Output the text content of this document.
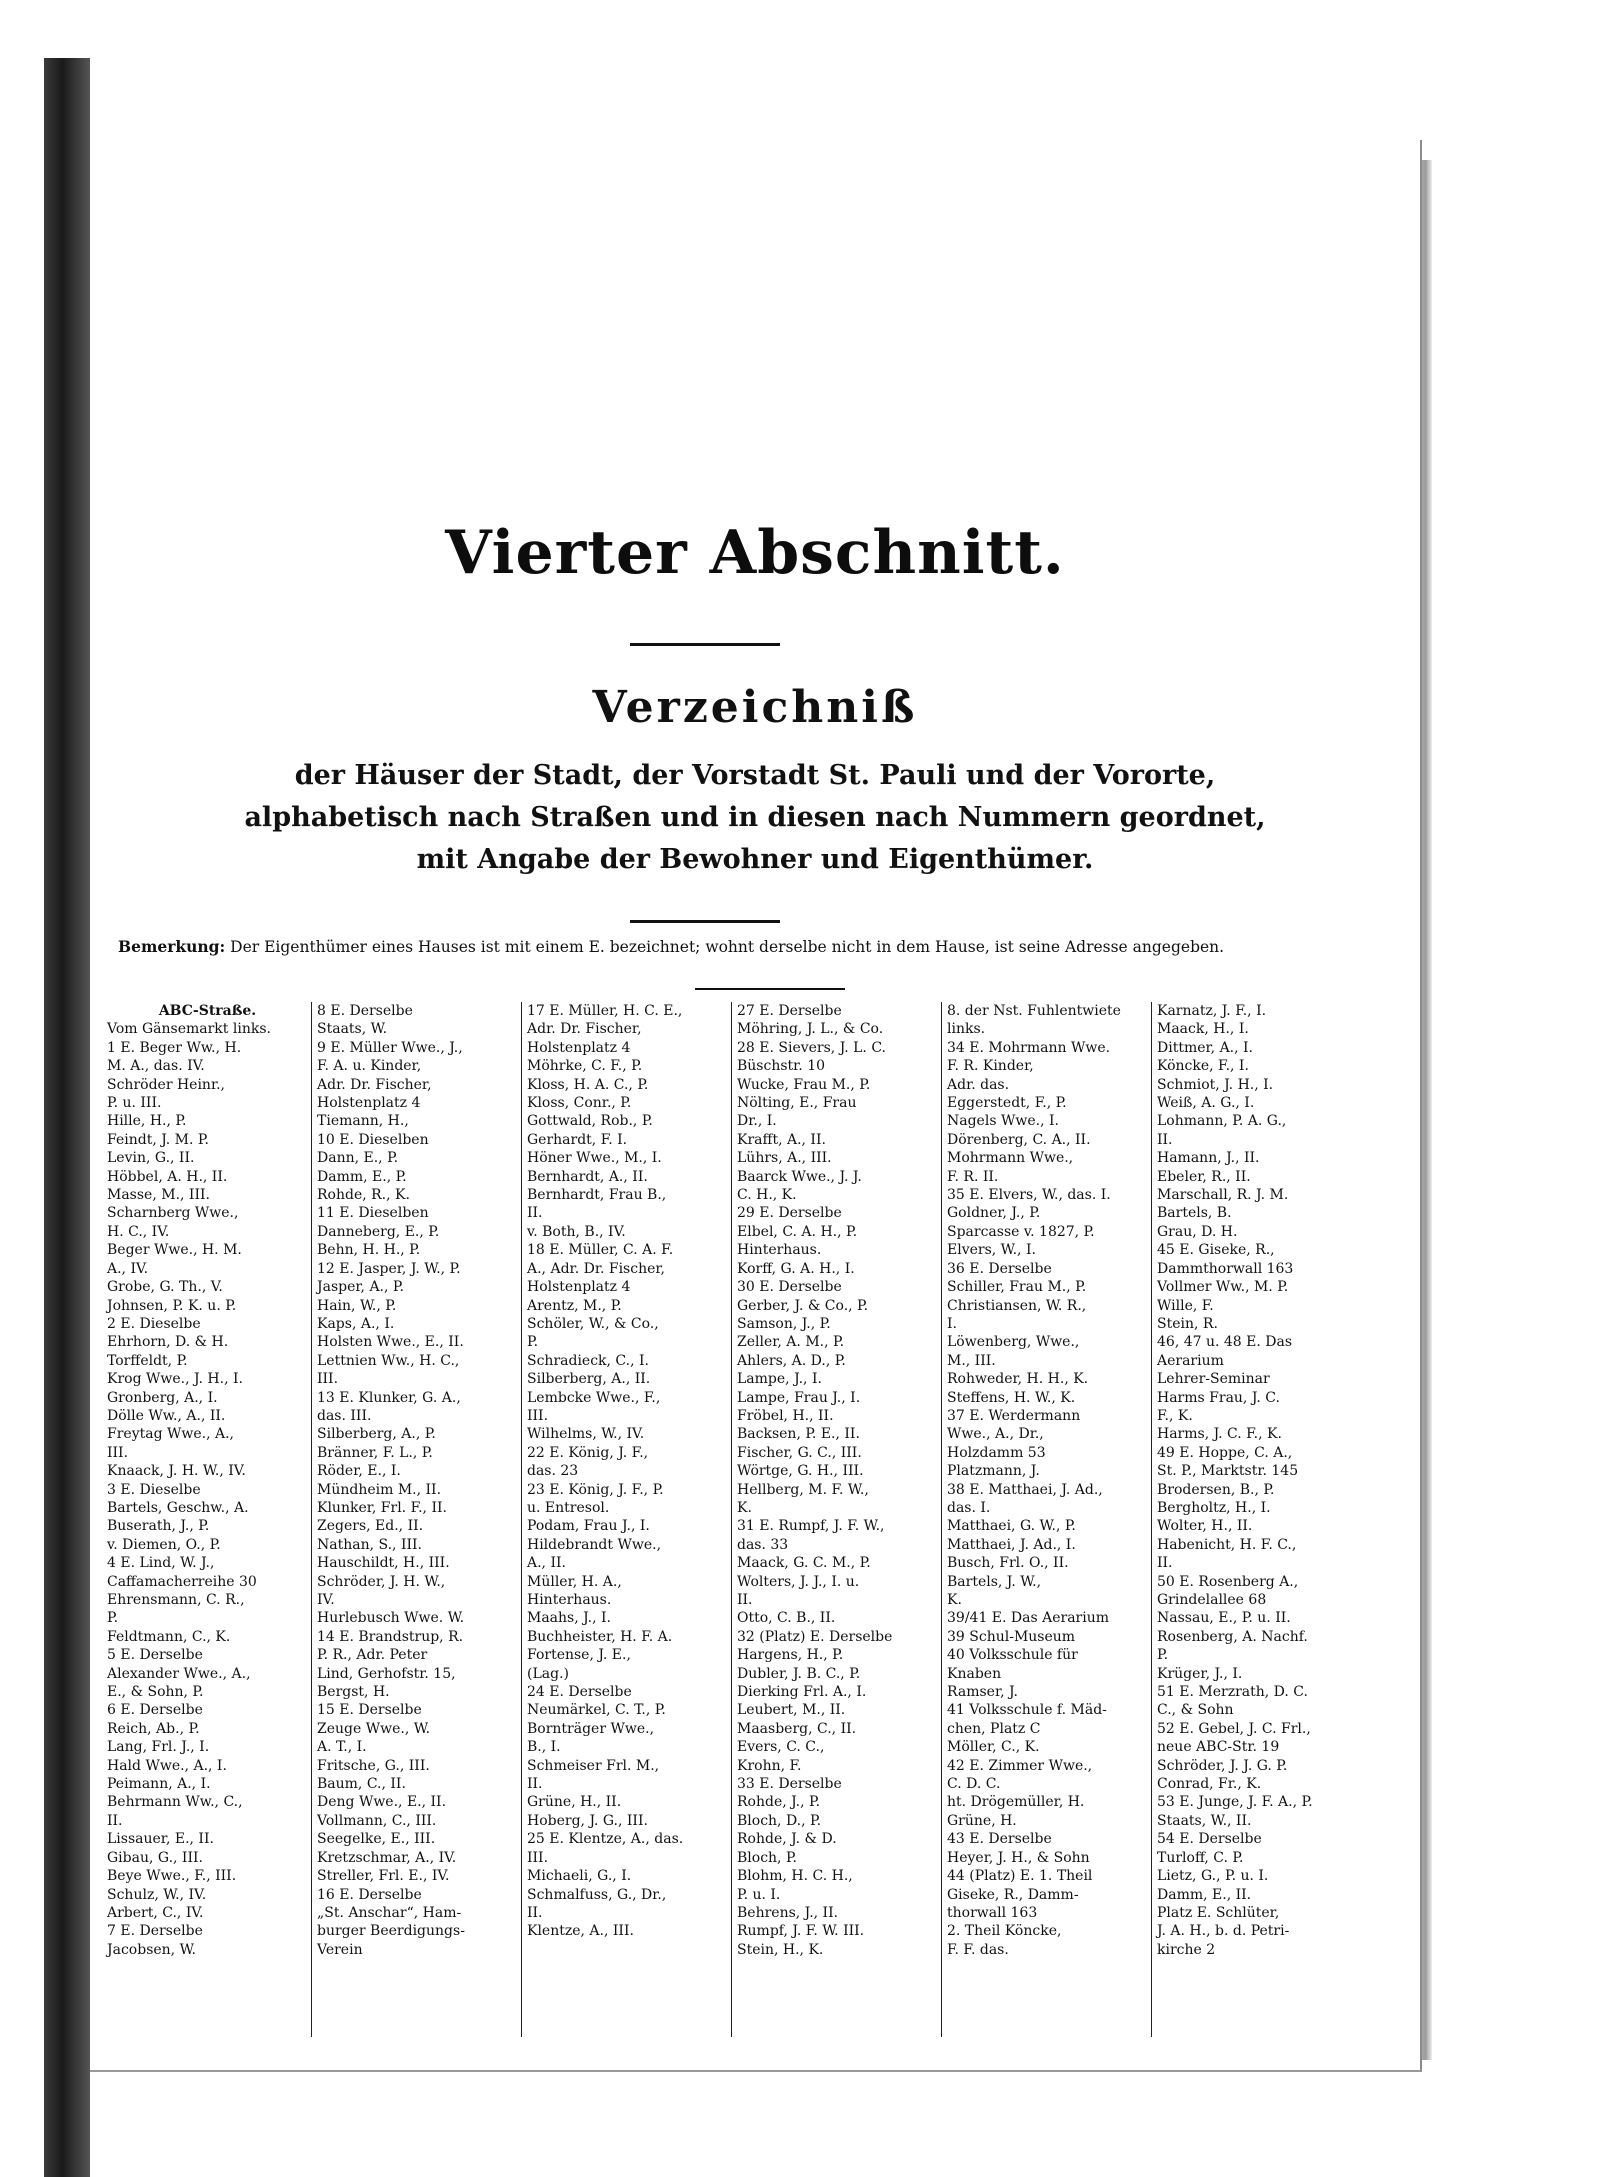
Vierter Abschnitt.
Verzeichniß
der Häuser der Stadt, der Vorstadt St. Pauli und der Vororte,
alphabetisch nach Straßen und in diesen nach Nummern geordnet,
mit Angabe der Bewohner und Eigenthümer.
Bemerkung: Der Eigenthümer eines Hauses ist mit einem E. bezeichnet; wohnt derselbe nicht in dem Hause, ist seine Adresse angegeben.
ABC-Straße.
Vom Gänsemarkt links.
1 E. Beger Ww., H.
M. A., das. IV.
Schröder Heinr.,
P. u. III.
Hille, H., P.
Feindt, J. M. P.
Levin, G., II.
Höbbel, A. H., II.
Masse, M., III.
Scharnberg Wwe.,
H. C., IV.
Beger Wwe., H. M.
A., IV.
Grobe, G. Th., V.
Johnsen, P. K. u. P.
2 E. Dieselbe
Ehrhorn, D. & H.
Torffeldt, P.
Krog Wwe., J. H., I.
Gronberg, A., I.
Dölle Ww., A., II.
Freytag Wwe., A.,
III.
Knaack, J. H. W., IV.
3 E. Dieselbe
Bartels, Geschw., A.
Buserath, J., P.
v. Diemen, O., P.
4 E. Lind, W. J.,
Caffamacherreihe 30
Ehrensmann, C. R.,
P.
Feldtmann, C., K.
5 E. Derselbe
Alexander Wwe., A.,
E., & Sohn, P.
6 E. Derselbe
Reich, Ab., P.
Lang, Frl. J., I.
Hald Wwe., A., I.
Peimann, A., I.
Behrmann Ww., C.,
II.
Lissauer, E., II.
Gibau, G., III.
Beye Wwe., F., III.
Schulz, W., IV.
Arbert, C., IV.
7 E. Derselbe
Jacobsen, W.
8 E. Derselbe
Staats, W.
9 E. Müller Wwe., J.,
F. A. u. Kinder,
Adr. Dr. Fischer,
Holstenplatz 4
Tiemann, H.,
10 E. Dieselben
Dann, E., P.
Damm, E., P.
Rohde, R., K.
11 E. Dieselben
Danneberg, E., P.
Behn, H. H., P.
12 E. Jasper, J. W., P.
Jasper, A., P.
Hain, W., P.
Kaps, A., I.
Holsten Wwe., E., II.
Lettnien Ww., H. C.,
III.
13 E. Klunker, G. A.,
das. III.
Silberberg, A., P.
Bränner, F. L., P.
Röder, E., I.
Mündheim M., II.
Klunker, Frl. F., II.
Zegers, Ed., II.
Nathan, S., III.
Hauschildt, H., III.
Schröder, J. H. W.,
IV.
Hurlebusch Wwe. W.
14 E. Brandstrup, R.
P. R., Adr. Peter
Lind, Gerhofstr. 15,
Bergst, H.
15 E. Derselbe
Zeuge Wwe., W.
A. T., I.
Fritsche, G., III.
Baum, C., II.
Deng Wwe., E., II.
Vollmann, C., III.
Seegelke, E., III.
Kretzschmar, A., IV.
Streller, Frl. E., IV.
16 E. Derselbe
„St. Anschar“, Ham-
burger Beerdigungs-
Verein
17 E. Müller, H. C. E.,
Adr. Dr. Fischer,
Holstenplatz 4
Möhrke, C. F., P.
Kloss, H. A. C., P.
Kloss, Conr., P.
Gottwald, Rob., P.
Gerhardt, F. I.
Höner Wwe., M., I.
Bernhardt, A., II.
Bernhardt, Frau B.,
II.
v. Both, B., IV.
18 E. Müller, C. A. F.
A., Adr. Dr. Fischer,
Holstenplatz 4
Arentz, M., P.
Schöler, W., & Co.,
P.
Schradieck, C., I.
Silberberg, A., II.
Lembcke Wwe., F.,
III.
Wilhelms, W., IV.
22 E. König, J. F.,
das. 23
23 E. König, J. F., P.
u. Entresol.
Podam, Frau J., I.
Hildebrandt Wwe.,
A., II.
Müller, H. A.,
Hinterhaus.
Maahs, J., I.
Buchheister, H. F. A.
Fortense, J. E.,
(Lag.)
24 E. Derselbe
Neumärkel, C. T., P.
Bornträger Wwe.,
B., I.
Schmeiser Frl. M.,
II.
Grüne, H., II.
Hoberg, J. G., III.
25 E. Klentze, A., das.
III.
Michaeli, G., I.
Schmalfuss, G., Dr.,
II.
Klentze, A., III.
27 E. Derselbe
Möhring, J. L., & Co.
28 E. Sievers, J. L. C.
Büschstr. 10
Wucke, Frau M., P.
Nölting, E., Frau
Dr., I.
Krafft, A., II.
Lührs, A., III.
Baarck Wwe., J. J.
C. H., K.
29 E. Derselbe
Elbel, C. A. H., P.
Hinterhaus.
Korff, G. A. H., I.
30 E. Derselbe
Gerber, J. & Co., P.
Samson, J., P.
Zeller, A. M., P.
Ahlers, A. D., P.
Lampe, J., I.
Lampe, Frau J., I.
Fröbel, H., II.
Backsen, P. E., II.
Fischer, G. C., III.
Wörtge, G. H., III.
Hellberg, M. F. W.,
K.
31 E. Rumpf, J. F. W.,
das. 33
Maack, G. C. M., P.
Wolters, J. J., I. u.
II.
Otto, C. B., II.
32 (Platz) E. Derselbe
Hargens, H., P.
Dubler, J. B. C., P.
Dierking Frl. A., I.
Leubert, M., II.
Maasberg, C., II.
Evers, C. C.,
Krohn, F.
33 E. Derselbe
Rohde, J., P.
Bloch, D., P.
Rohde, J. & D.
Bloch, P.
Blohm, H. C. H.,
P. u. I.
Behrens, J., II.
Rumpf, J. F. W. III.
Stein, H., K.
8. der Nst. Fuhlentwiete
links.
34 E. Mohrmann Wwe.
F. R. Kinder,
Adr. das.
Eggerstedt, F., P.
Nagels Wwe., I.
Dörenberg, C. A., II.
Mohrmann Wwe.,
F. R. II.
35 E. Elvers, W., das. I.
Goldner, J., P.
Sparcasse v. 1827, P.
Elvers, W., I.
36 E. Derselbe
Schiller, Frau M., P.
Christiansen, W. R.,
I.
Löwenberg, Wwe.,
M., III.
Rohweder, H. H., K.
Steffens, H. W., K.
37 E. Werdermann
Wwe., A., Dr.,
Holzdamm 53
Platzmann, J.
38 E. Matthaei, J. Ad.,
das. I.
Matthaei, G. W., P.
Matthaei, J. Ad., I.
Busch, Frl. O., II.
Bartels, J. W.,
K.
39/41 E. Das Aerarium
39 Schul-Museum
40 Volksschule für
Knaben
Ramser, J.
41 Volksschule f. Mäd-
chen, Platz C
Möller, C., K.
42 E. Zimmer Wwe.,
C. D. C.
ht. Drögemüller, H.
Grüne, H.
43 E. Derselbe
Heyer, J. H., & Sohn
44 (Platz) E. 1. Theil
Giseke, R., Damm-
thorwall 163
2. Theil Köncke,
F. F. das.
Karnatz, J. F., I.
Maack, H., I.
Dittmer, A., I.
Köncke, F., I.
Schmiot, J. H., I.
Weiß, A. G., I.
Lohmann, P. A. G.,
II.
Hamann, J., II.
Ebeler, R., II.
Marschall, R. J. M.
Bartels, B.
Grau, D. H.
45 E. Giseke, R.,
Dammthorwall 163
Vollmer Ww., M. P.
Wille, F.
Stein, R.
46, 47 u. 48 E. Das
Aerarium
Lehrer-Seminar
Harms Frau, J. C.
F., K.
Harms, J. C. F., K.
49 E. Hoppe, C. A.,
St. P., Marktstr. 145
Brodersen, B., P.
Bergholtz, H., I.
Wolter, H., II.
Habenicht, H. F. C.,
II.
50 E. Rosenberg A.,
Grindelallee 68
Nassau, E., P. u. II.
Rosenberg, A. Nachf.
P.
Krüger, J., I.
51 E. Merzrath, D. C.
C., & Sohn
52 E. Gebel, J. C. Frl.,
neue ABC-Str. 19
Schröder, J. J. G. P.
Conrad, Fr., K.
53 E. Junge, J. F. A., P.
Staats, W., II.
54 E. Derselbe
Turloff, C. P.
Lietz, G., P. u. I.
Damm, E., II.
Platz E. Schlüter,
J. A. H., b. d. Petri-
kirche 2
